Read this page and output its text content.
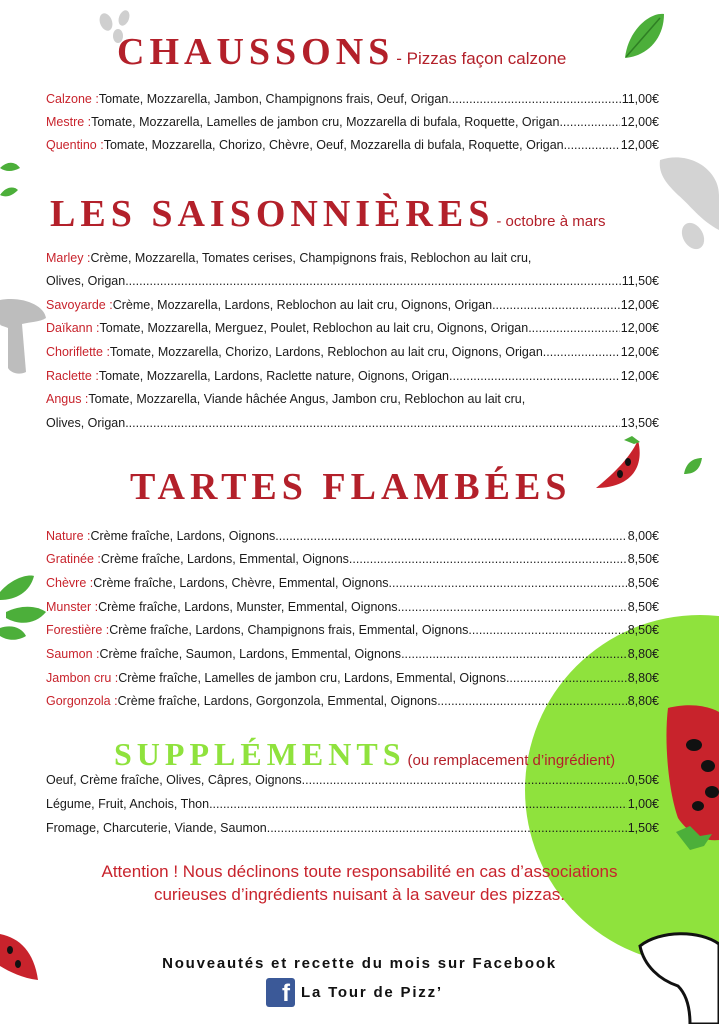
CHAUSSONS - Pizzas façon calzone
Calzone : Tomate, Mozzarella, Jambon, Champignons frais, Oeuf, Origan .....	11,00€
Mestre : Tomate, Mozzarella, Lamelles de jambon cru, Mozzarella di bufala, Roquette, Origan .....	12,00€
Quentino : Tomate, Mozzarella, Chorizo, Chèvre, Oeuf, Mozzarella di bufala, Roquette, Origan .....	12,00€
LES SAISONNIÈRES - octobre à mars
Marley : Crème, Mozzarella, Tomates cerises, Champignons frais, Reblochon au lait cru,
Olives, Origan .....	11,50€
Savoyarde : Crème, Mozzarella, Lardons, Reblochon au lait cru, Oignons, Origan .....	12,00€
Daïkann : Tomate, Mozzarella, Merguez, Poulet, Reblochon au lait cru, Oignons, Origan .....	12,00€
Choriflette : Tomate, Mozzarella, Chorizo, Lardons, Reblochon au lait cru, Oignons, Origan .....	12,00€
Raclette : Tomate, Mozzarella, Lardons, Raclette nature, Oignons, Origan .....	12,00€
Angus : Tomate, Mozzarella, Viande hâchée Angus, Jambon cru, Reblochon au lait cru,
Olives, Origan .....	13,50€
TARTES FLAMBÉES
Nature : Crème fraîche, Lardons, Oignons .....	8,00€
Gratinée : Crème fraîche, Lardons, Emmental, Oignons .....	8,50€
Chèvre : Crème fraîche, Lardons, Chèvre, Emmental, Oignons .....	8,50€
Munster : Crème fraîche, Lardons, Munster, Emmental, Oignons .....	8,50€
Forestière : Crème fraîche, Lardons, Champignons frais, Emmental, Oignons .....	8,50€
Saumon : Crème fraîche, Saumon, Lardons, Emmental, Oignons .....	8,80€
Jambon cru : Crème fraîche, Lamelles de jambon cru, Lardons, Emmental, Oignons .....	8,80€
Gorgonzola : Crème fraîche, Lardons, Gorgonzola, Emmental, Oignons .....	8,80€
SUPPLÉMENTS (ou remplacement d’ingrédient)
Oeuf, Crème fraîche, Olives, Câpres, Oignons .....	0,50€
Légume, Fruit, Anchois, Thon .....	1,00€
Fromage, Charcuterie, Viande, Saumon .....	1,50€
Attention ! Nous déclinons toute responsabilité en cas d’associations
curieuses d’ingrédients nuisant à la saveur des pizzas.
Nouveautés et recette du mois sur Facebook
f La Tour de Pizz’
